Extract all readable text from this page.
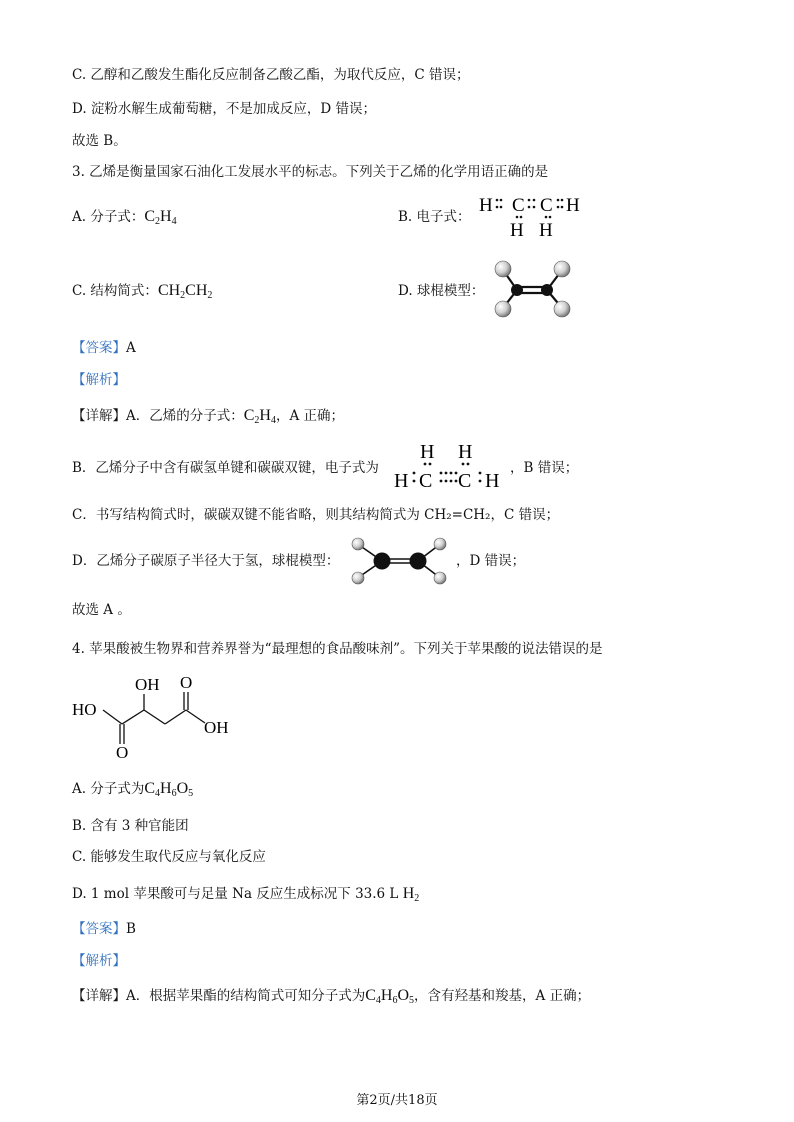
C. 乙醇和乙酸发生酯化反应制备乙酸乙酯，为取代反应，C 错误；
D. 淀粉水解生成葡萄糖，不是加成反应，D 错误；
故选 B。
3. 乙烯是衡量国家石油化工发展水平的标志。下列关于乙烯的化学用语正确的是
A. 分子式：$C_2H_4$	B. 电子式：
H C C H
H H
C. 结构简式：$CH_2CH_2$	D. 球棍模型：
【答案】A
【解析】
【详解】A．乙烯的分子式：$C_2H_4$，A 正确；
B．乙烯分子中含有碳氢单键和碳碳双键，电子式为
H H
H C C H
，B 错误；
C．书写结构简式时，碳碳双键不能省略，则其结构简式为 CH₂=CH₂，C 错误；
D．乙烯分子碳原子半径大于氢，球棍模型：	，D 错误；
故选 A 。
4. 苹果酸被生物界和营养界誉为“最理想的食品酸味剂”。下列关于苹果酸的说法错误的是
HO
OH O
O
OH
A. 分子式为$C_4H_6O_5$
B. 含有 3 种官能团
C. 能够发生取代反应与氧化反应
D. 1 mol 苹果酸可与足量 Na 反应生成标况下 33.6 L $H_2$
【答案】B
【解析】
【详解】A．根据苹果酯的结构简式可知分子式为$C_4H_6O_5$，含有羟基和羧基，A 正确；
第2页/共18页
